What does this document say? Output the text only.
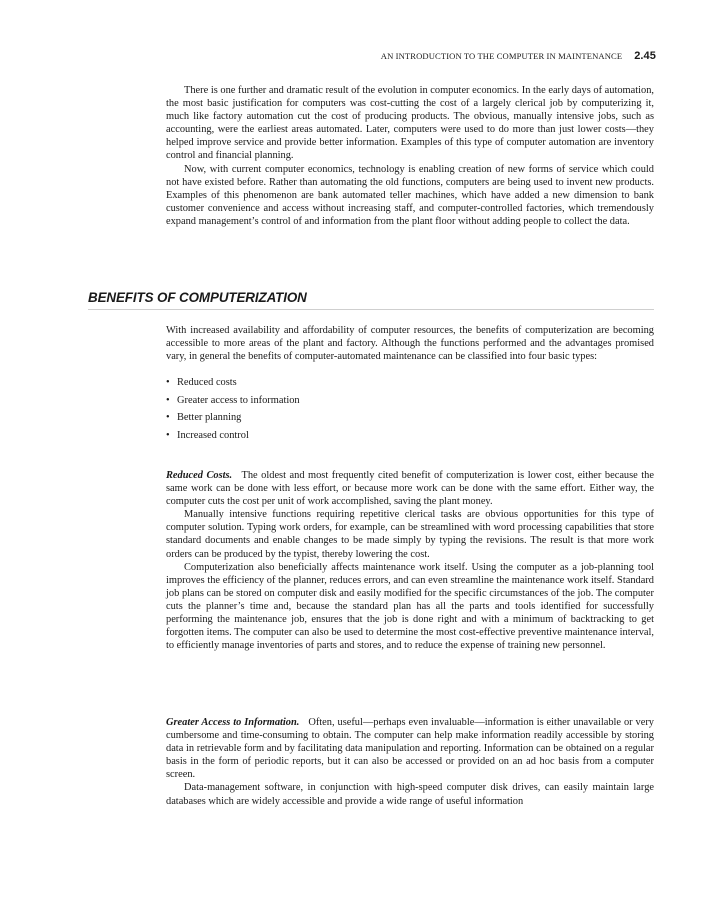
AN INTRODUCTION TO THE COMPUTER IN MAINTENANCE 2.45

There is one further and dramatic result of the evolution in computer economics. In the early days of automation, the most basic justification for computers was cost-cutting the cost of a largely clerical job by computerizing it, much like factory automation cut the cost of producing products. The obvious, manually intensive jobs, such as accounting, were the earliest areas automated. Later, computers were used to do more than just lower costs—they helped improve service and provide better information. Examples of this type of computer automation are inventory control and financial planning.

Now, with current computer economics, technology is enabling creation of new forms of service which could not have existed before. Rather than automating the old functions, computers are being used to invent new products. Examples of this phenomenon are bank automated teller machines, which have added a new dimension to bank customer convenience and access without increasing staff, and computer-controlled factories, which tremendously expand management’s control of and information from the plant floor without adding people to collect the data.

BENEFITS OF COMPUTERIZATION

With increased availability and affordability of computer resources, the benefits of computerization are becoming accessible to more areas of the plant and factory. Although the functions performed and the advantages promised vary, in general the benefits of computer-automated maintenance can be classified into four basic types:

• Reduced costs
• Greater access to information
• Better planning
• Increased control

Reduced Costs. The oldest and most frequently cited benefit of computerization is lower cost, either because the same work can be done with less effort, or because more work can be done with the same effort. Either way, the computer cuts the cost per unit of work accomplished, saving the plant money.

Manually intensive functions requiring repetitive clerical tasks are obvious opportunities for this type of computer solution. Typing work orders, for example, can be streamlined with word processing capabilities that store standard documents and enable changes to be made simply by typing the revisions. The result is that more work orders can be produced by the typist, thereby lowering the cost.

Computerization also beneficially affects maintenance work itself. Using the computer as a job-planning tool improves the efficiency of the planner, reduces errors, and can even streamline the maintenance work itself. Standard job plans can be stored on computer disk and easily modified for the specific circumstances of the job. The computer cuts the planner’s time and, because the standard plan has all the parts and tools identified for successfully performing the maintenance job, ensures that the job is done right and with a minimum of backtracking to get forgotten items. The computer can also be used to determine the most cost-effective preventive maintenance interval, to efficiently manage inventories of parts and stores, and to reduce the expense of training new personnel.

Greater Access to Information. Often, useful—perhaps even invaluable—information is either unavailable or very cumbersome and time-consuming to obtain. The computer can help make information readily accessible by storing data in retrievable form and by facilitating data manipulation and reporting. Information can be obtained on a regular basis in the form of periodic reports, but it can also be accessed or provided on an ad hoc basis from a computer screen.

Data-management software, in conjunction with high-speed computer disk drives, can easily maintain large databases which are widely accessible and provide a wide range of useful information
